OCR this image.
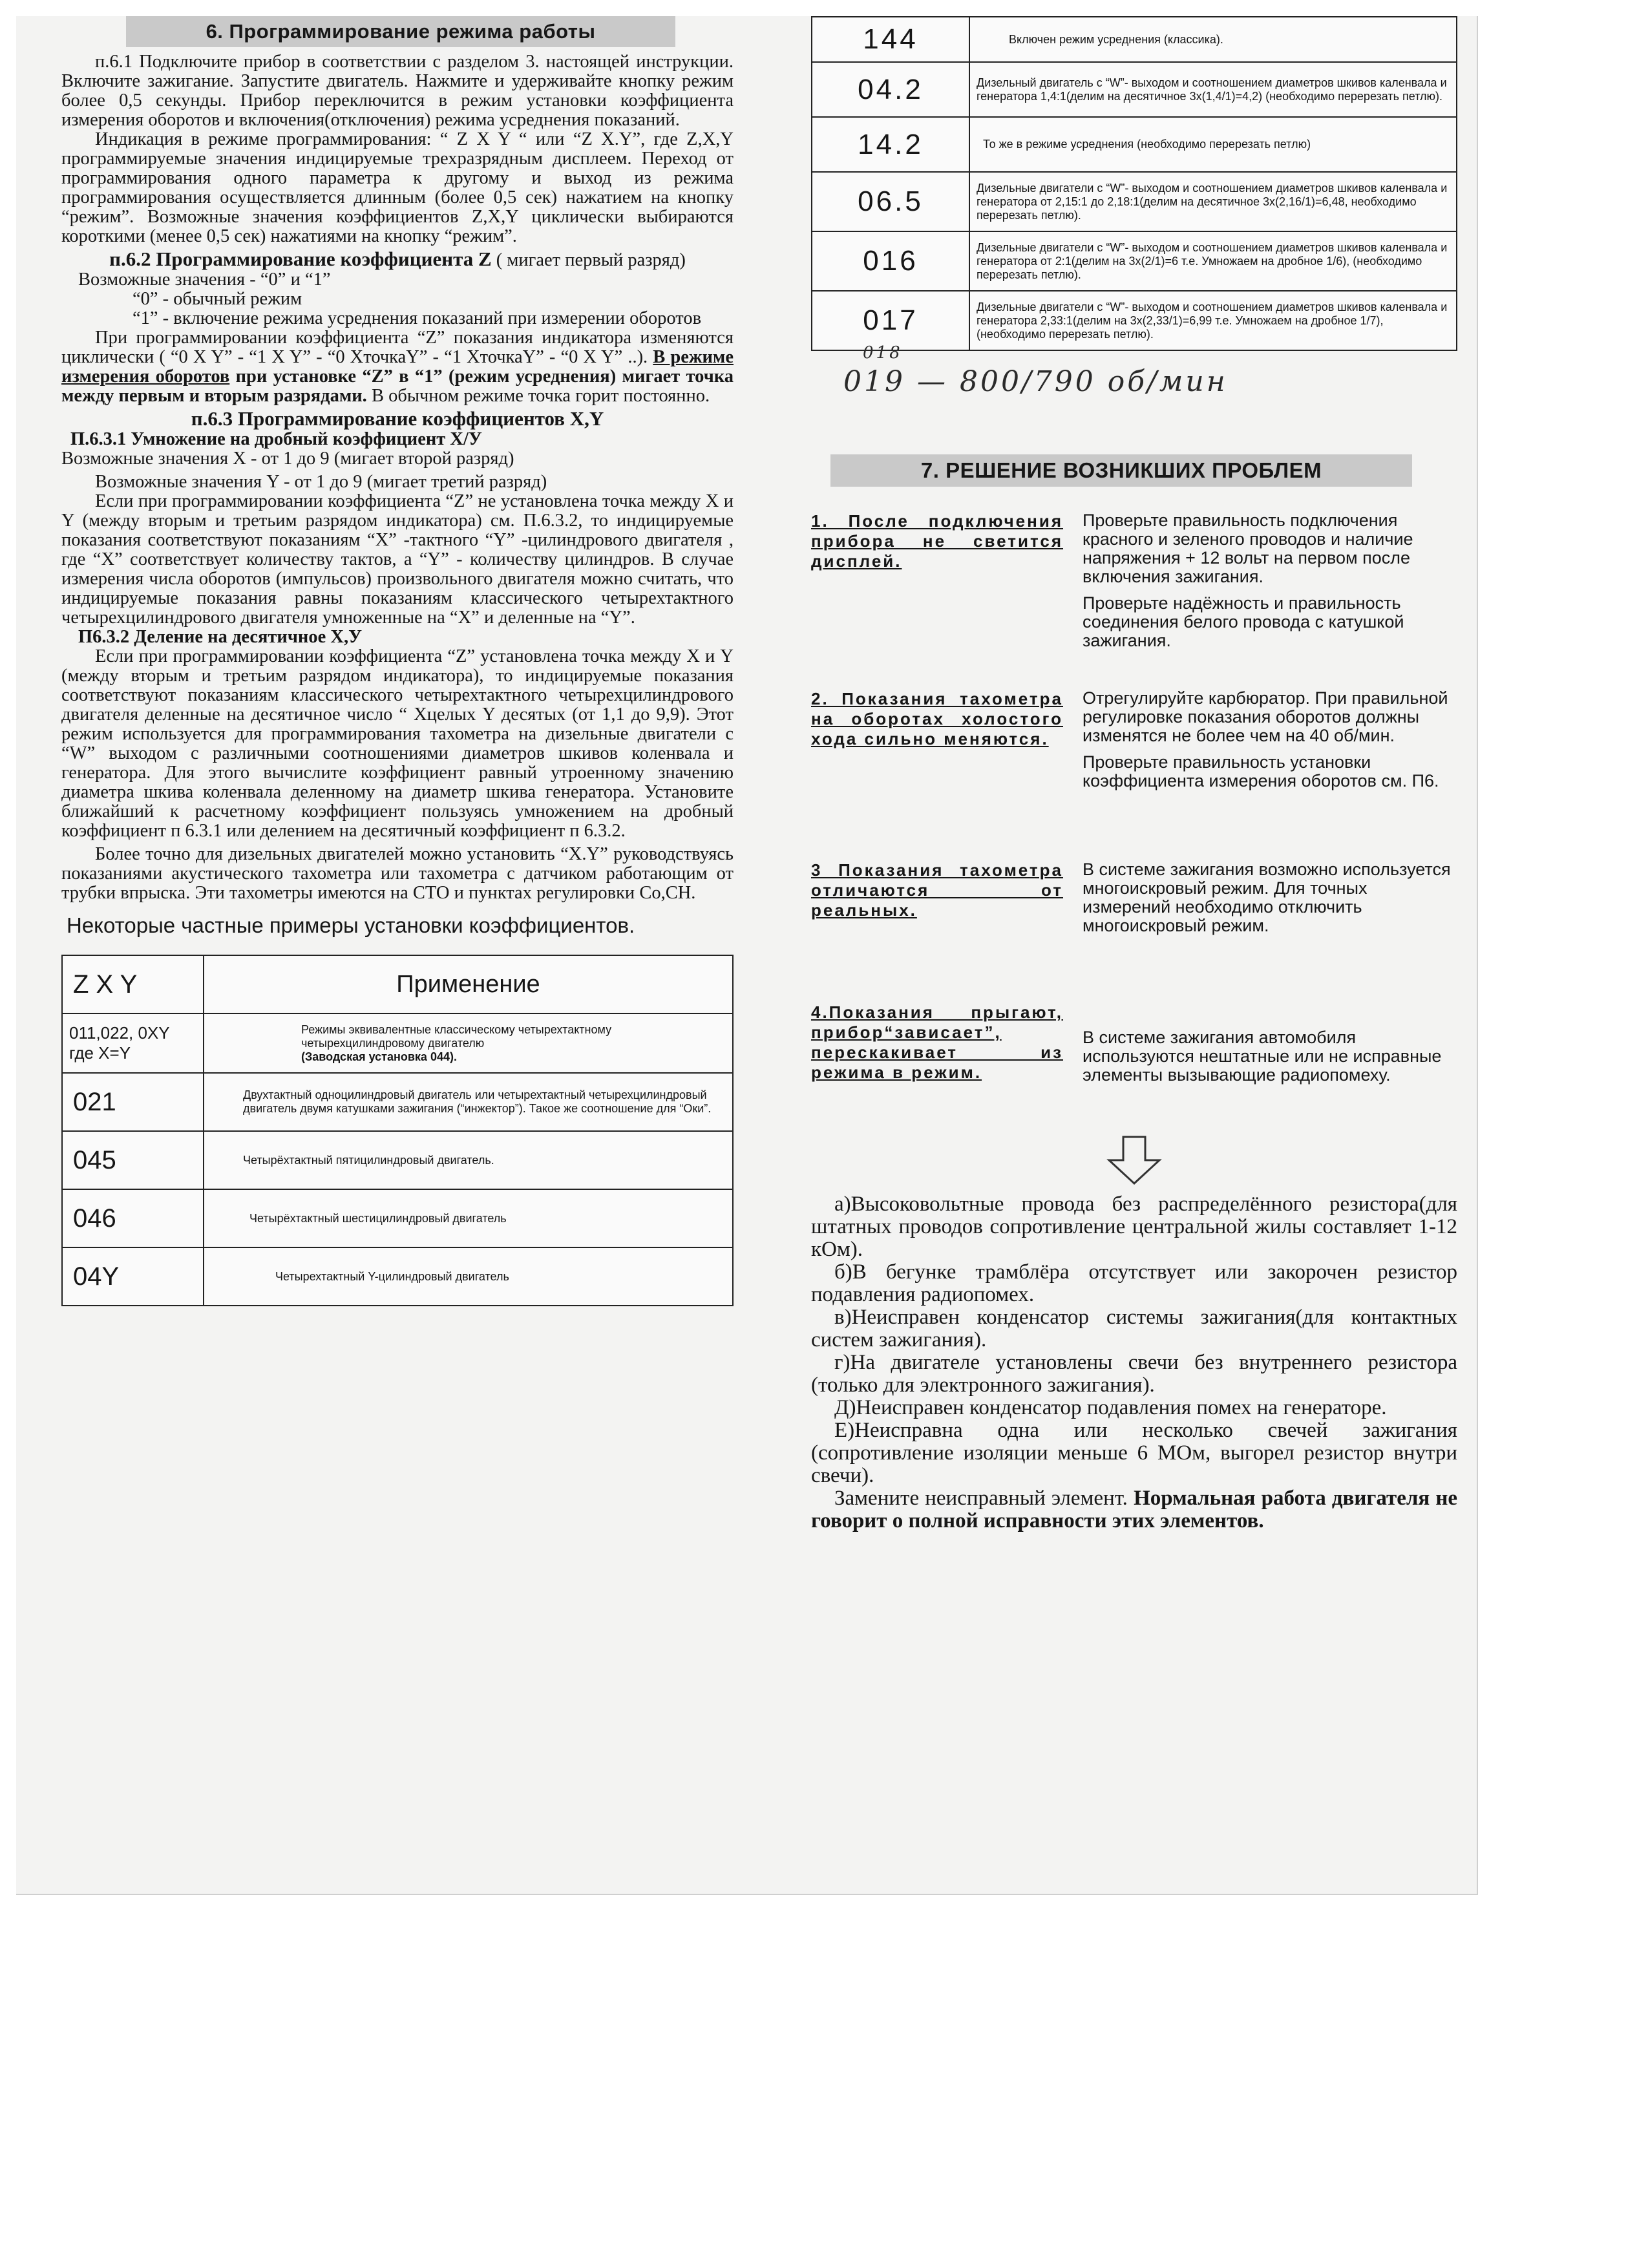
6. Программирование режима работы

п.6.1 Подключите прибор в соответствии с разделом 3. настоящей инструкции. Включите зажигание. Запустите двигатель. Нажмите и удерживайте кнопку режим более 0,5 секунды. Прибор переключится в режим установки коэффициента измерения оборотов и включения(отключения) режима усреднения показаний.

Индикация в режиме программирования: “ Z X Y “ или “Z X.Y”, где Z,X,Y программируемые значения индицируемые трехразрядным дисплеем. Переход от программирования одного параметра к другому и выход из режима программирования осуществляется длинным (более 0,5 сек) нажатием на кнопку “режим”. Возможные значения коэффициентов Z,X,Y циклически выбираются короткими (менее 0,5 сек) нажатиями на кнопку “режим”.

п.6.2 Программирование коэффициента Z ( мигает первый разряд)

Возможные значения - “0” и “1”

“0” - обычный режим

“1” - включение режима усреднения показаний при измерении оборотов

При программировании коэффициента “Z” показания индикатора изменяются циклически ( “0 X Y” - “1 X Y” - “0 XточкаY” - “1 XточкаY” - “0 X Y” ..). В режиме измерения оборотов при установке “Z” в “1” (режим усреднения) мигает точка между первым и вторым разрядами. В обычном режиме точка горит постоянно.

п.6.3 Программирование коэффициентов X,Y

П.6.3.1 Умножение на дробный коэффициент X/У

Возможные значения X - от 1 до 9 (мигает второй разряд)

Возможные значения Y - от 1 до 9 (мигает третий разряд)

Если при программировании коэффициента “Z” не установлена точка между X и Y (между вторым и третьим разрядом индикатора) см. П.6.3.2, то индицируемые показания соответствуют показаниям “X” -тактного “Y” -цилиндрового двигателя , где “X” соответствует количеству тактов, а “Y” - количеству цилиндров. В случае измерения числа оборотов (импульсов) произвольного двигателя можно считать, что индицируемые показания равны показаниям классического четырехтактного четырехцилиндрового двигателя умноженные на “X” и деленные на “Y”.

П6.3.2 Деление на десятичное X,У

Если при программировании коэффициента “Z” установлена точка между X и Y (между вторым и третьим разрядом индикатора), то индицируемые показания соответствуют показаниям классического четырехтактного четырехцилиндрового двигателя деленные на десятичное число “ Xцелых Y десятых (от 1,1 до 9,9). Этот режим используется для программирования тахометра на дизельные двигатели с “W” выходом с различными соотношениями диаметров шкивов коленвала и генератора. Для этого вычислите коэффициент равный утроенному значению диаметра шкива коленвала деленному на диаметр шкива генератора. Установите ближайший к расчетному коэффициент пользуясь умножением на дробный коэффициент п 6.3.1 или делением на десятичный коэффициент п 6.3.2.

Более точно для дизельных двигателей можно установить “X.Y” руководствуясь показаниями акустического тахометра или тахометра с датчиком работающим от трубки впрыска. Эти тахометры имеются на СТО и пунктах регулировки Со,СН.

Некоторые частные примеры установки коэффициентов.

Z X Y	Применение
011,022, 0XY где X=Y	Режимы эквивалентные классическому четырехтактному четырехцилиндровому двигателю
(Заводская установка 044).
021	Двухтактный одноцилиндровый двигатель или четырехтактный четырехцилиндровый двигатель двумя катушками зажигания (“инжектор”). Такое же соотношение для “Оки”.
045	Четырёхтактный пятицилиндровый двигатель.
046	Четырёхтактный шестицилиндровый двигатель
04Y	Четырехтактный Y-цилиндровый двигатель
144	Включен режим усреднения (классика).
04.2	Дизельный двигатель с “W”- выходом и соотношением диаметров шкивов каленвала и генератора 1,4:1(делим на десятичное 3х(1,4/1)=4,2) (необходимо перерезать петлю).
14.2	То же в режиме усреднения (необходимо перерезать петлю)
06.5	Дизельные двигатели с “W”- выходом и соотношением диаметров шкивов каленвала и генератора от 2,15:1 до 2,18:1(делим на десятичное 3х(2,16/1)=6,48, необходимо перерезать петлю).
016	Дизельные двигатели с “W”- выходом и соотношением диаметров шкивов каленвала и генератора от 2:1(делим на 3х(2/1)=6 т.е. Умножаем на дробное 1/6), (необходимо перерезать петлю).
017	Дизельные двигатели с “W”- выходом и соотношением диаметров шкивов каленвала и генератора 2,33:1(делим на 3х(2,33/1)=6,99 т.е. Умножаем на дробное 1/7), (необходимо перерезать петлю).
018
019 — 800/790 об/мин
7. РЕШЕНИЕ ВОЗНИКШИХ ПРОБЛЕМ
1. После подключения прибора не светится дисплей.

Проверьте правильность подключения красного и зеленого проводов и наличие напряжения + 12 вольт на первом после включения зажигания.

Проверьте надёжность и правильность соединения белого провода с катушкой зажигания.

2. Показания тахометра на оборотах холостого хода сильно меняются.

Отрегулируйте карбюратор. При правильной регулировке показания оборотов должны изменятся не более чем на 40 об/мин.

Проверьте правильность установки коэффициента измерения оборотов см. П6.

3 Показания тахометра отличаются от реальных.

В системе зажигания возможно используется многоискровый режим. Для точных измерений необходимо отключить многоискровый режим.

4.Показания прыгают, прибор“зависает”, перескакивает из режима в режим.

В системе зажигания автомобиля используются нештатные или не исправные элементы вызывающие радиопомеху.

а)Высоковольтные провода без распределённого резистора(для штатных проводов сопротивление центральной жилы составляет 1-12 кОм).

б)В бегунке трамблёра отсутствует или закорочен резистор подавления радиопомех.

в)Неисправен конденсатор системы зажигания(для контактных систем зажигания).

г)На двигателе установлены свечи без внутреннего резистора (только для электронного зажигания).

Д)Неисправен конденсатор подавления помех на генераторе.

Е)Неисправна одна или несколько свечей зажигания (сопротивление изоляции меньше 6 МОм, выгорел резистор внутри свечи).

Замените неисправный элемент. Нормальная работа двигателя не говорит о полной исправности этих элементов.
